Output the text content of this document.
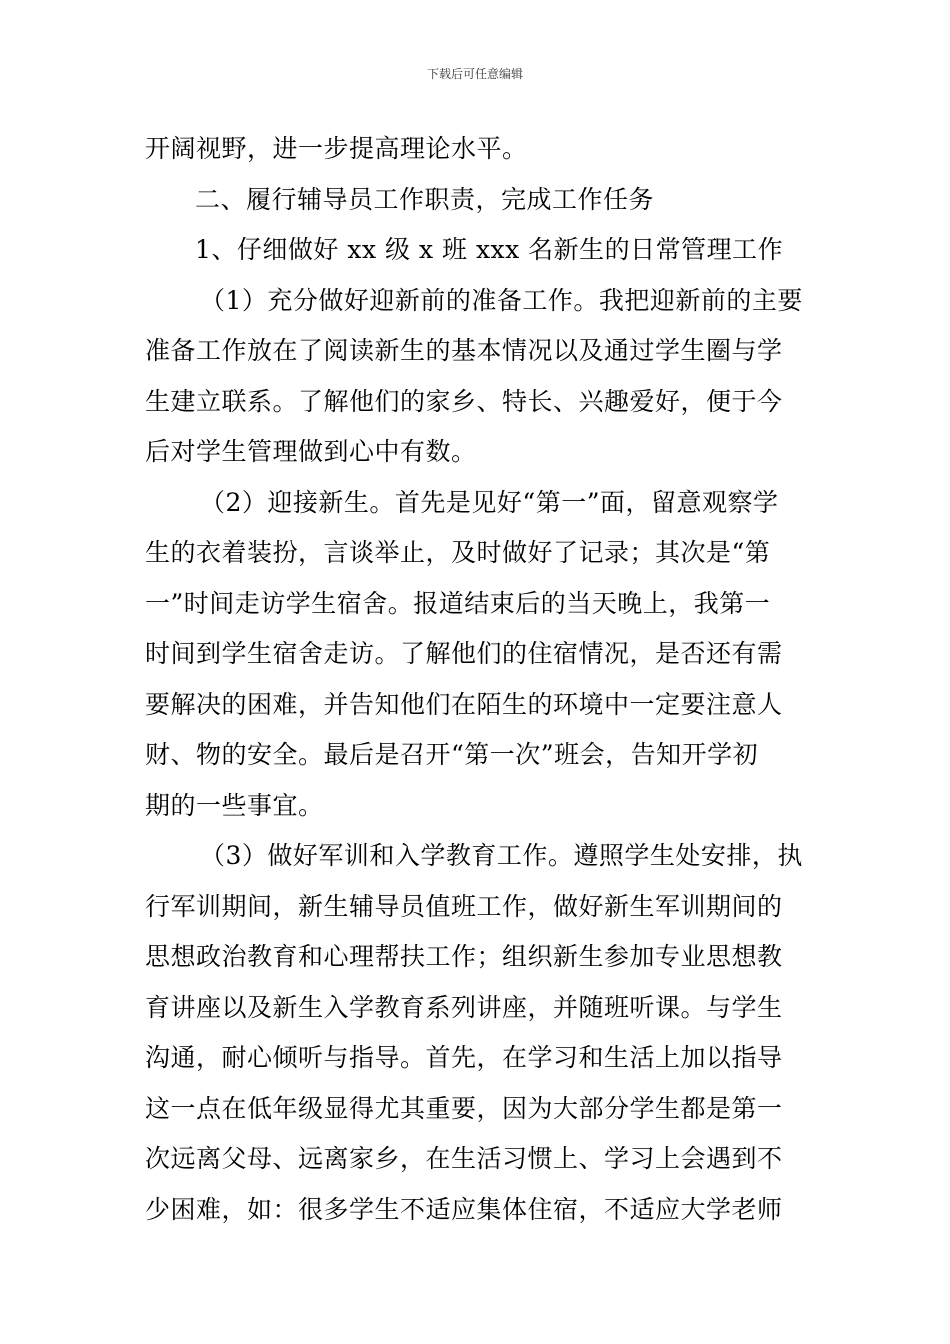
下载后可任意编辑
开阔视野，进一步提高理论水平。
二、履行辅导员工作职责，完成工作任务
1、仔细做好 xx 级 x 班 xxx 名新生的日常管理工作
（1）充分做好迎新前的准备工作。我把迎新前的主要
准备工作放在了阅读新生的基本情况以及通过学生圈与学
生建立联系。了解他们的家乡、特长、兴趣爱好，便于今
后对学生管理做到心中有数。
（2）迎接新生。首先是见好“第一”面，留意观察学
生的衣着装扮，言谈举止，及时做好了记录；其次是“第
一”时间走访学生宿舍。报道结束后的当天晚上，我第一
时间到学生宿舍走访。了解他们的住宿情况，是否还有需
要解决的困难，并告知他们在陌生的环境中一定要注意人
财、物的安全。最后是召开“第一次”班会，告知开学初
期的一些事宜。
（3）做好军训和入学教育工作。遵照学生处安排，执
行军训期间，新生辅导员值班工作，做好新生军训期间的
思想政治教育和心理帮扶工作；组织新生参加专业思想教
育讲座以及新生入学教育系列讲座，并随班听课。与学生
沟通，耐心倾听与指导。首先，在学习和生活上加以指导
这一点在低年级显得尤其重要，因为大部分学生都是第一
次远离父母、远离家乡，在生活习惯上、学习上会遇到不
少困难，如：很多学生不适应集体住宿，不适应大学老师
